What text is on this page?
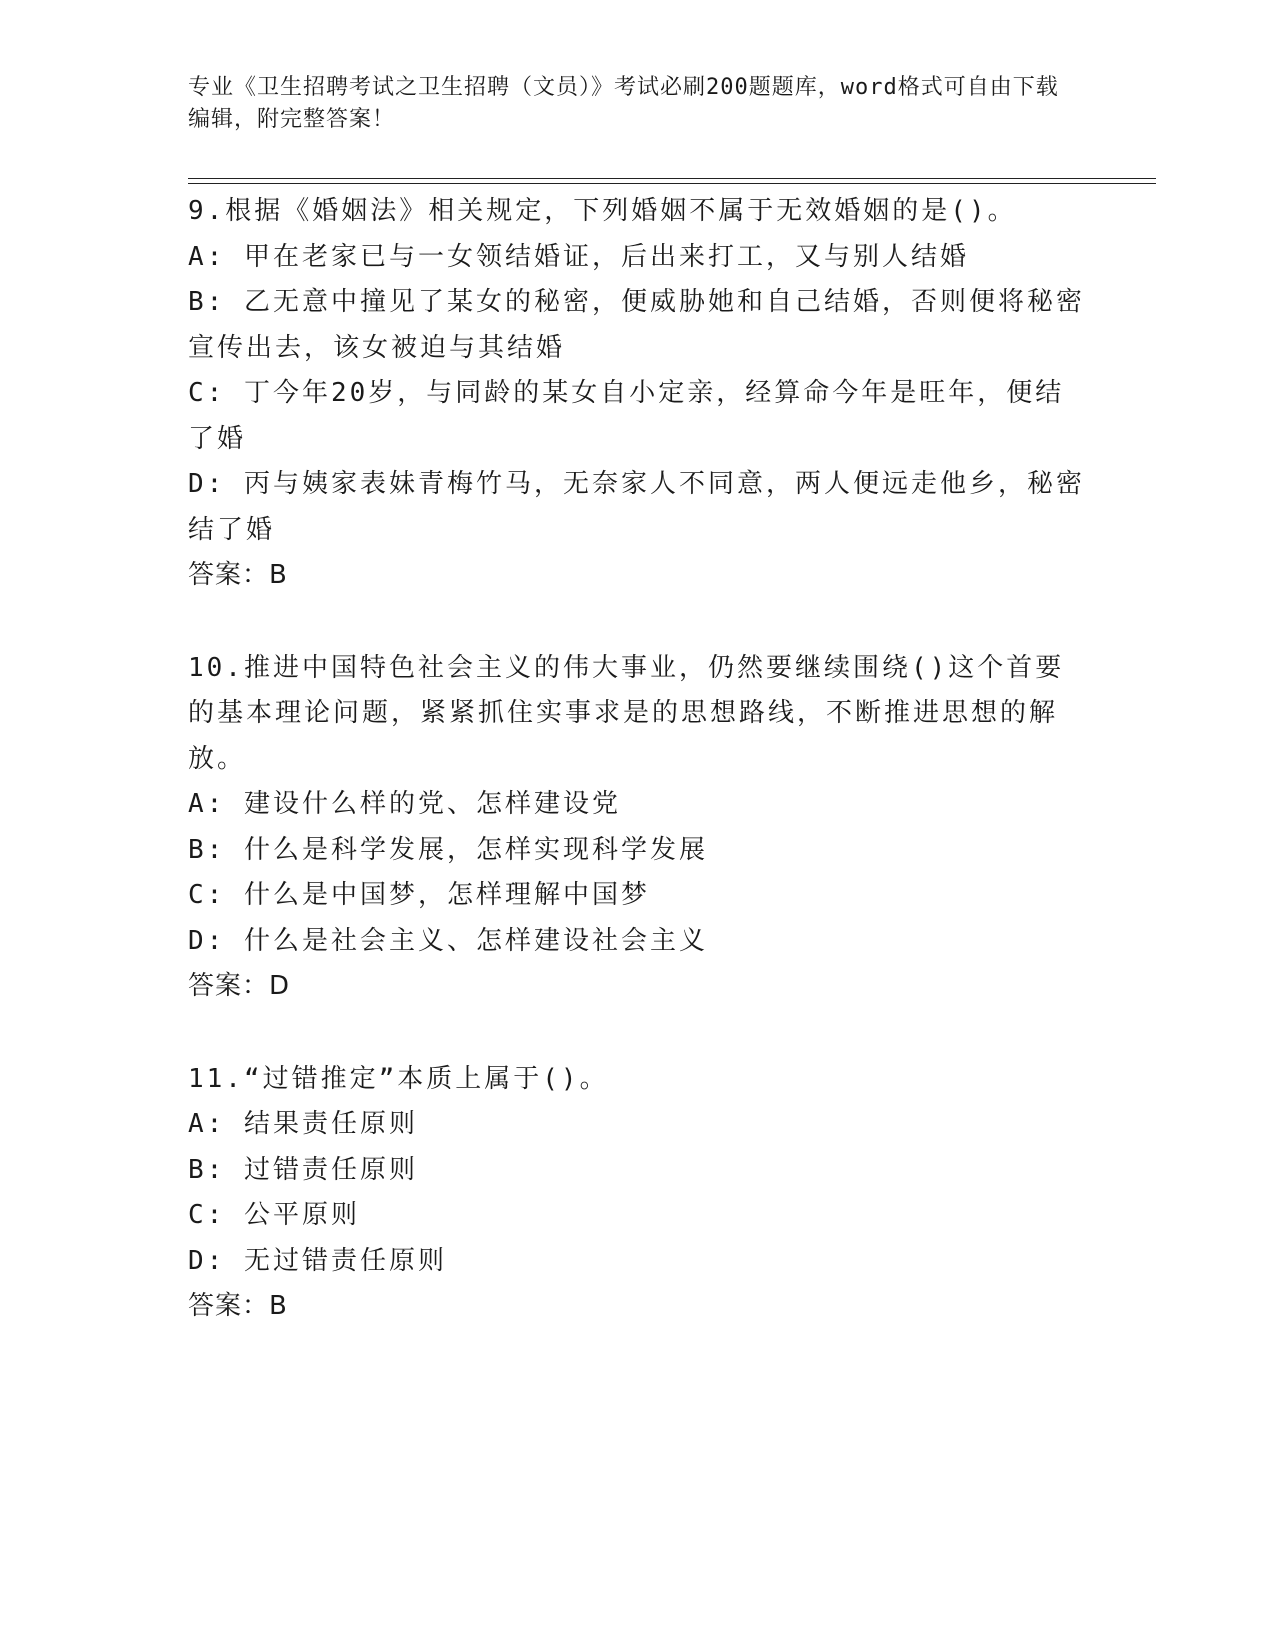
专业《卫生招聘考试之卫生招聘（文员）》考试必刷200题题库，word格式可自由下载编辑，附完整答案！
9.根据《婚姻法》相关规定，下列婚姻不属于无效婚姻的是()。
A: 甲在老家已与一女领结婚证，后出来打工，又与别人结婚
B: 乙无意中撞见了某女的秘密，便威胁她和自己结婚，否则便将秘密宣传出去，该女被迫与其结婚
C: 丁今年20岁，与同龄的某女自小定亲，经算命今年是旺年，便结了婚
D: 丙与姨家表妹青梅竹马，无奈家人不同意，两人便远走他乡，秘密结了婚
答案：B
10.推进中国特色社会主义的伟大事业，仍然要继续围绕()这个首要的基本理论问题，紧紧抓住实事求是的思想路线，不断推进思想的解放。
A: 建设什么样的党、怎样建设党
B: 什么是科学发展，怎样实现科学发展
C: 什么是中国梦，怎样理解中国梦
D: 什么是社会主义、怎样建设社会主义
答案：D
11.“过错推定”本质上属于()。
A: 结果责任原则
B: 过错责任原则
C: 公平原则
D: 无过错责任原则
答案：B
